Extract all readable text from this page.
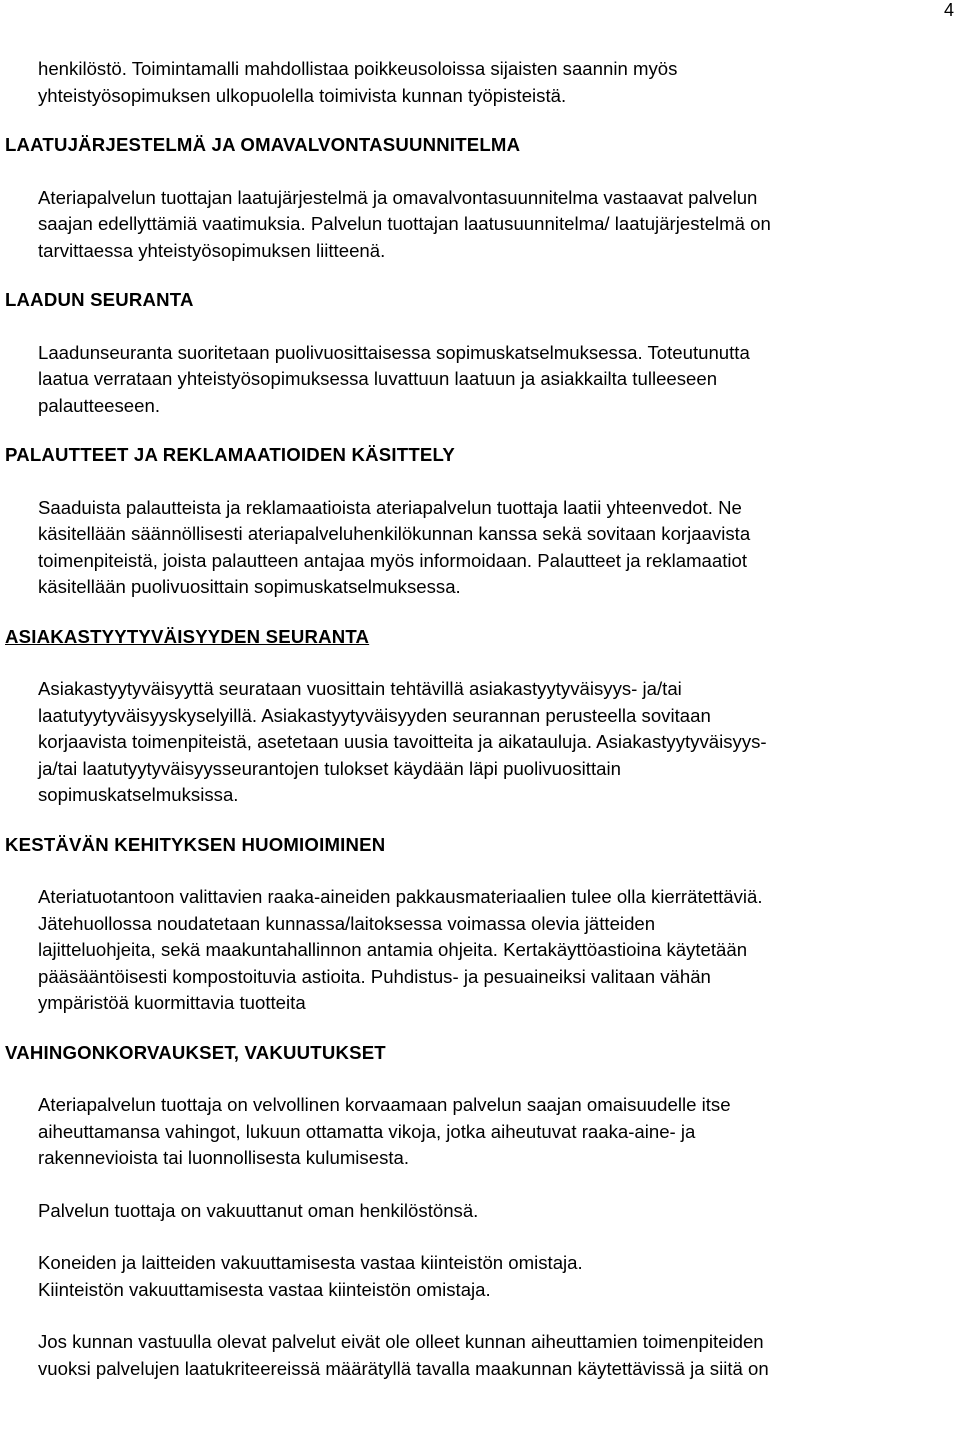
4
henkilöstö. Toimintamalli mahdollistaa poikkeusoloissa sijaisten saannin myös
yhteistyösopimuksen ulkopuolella toimivista kunnan työpisteistä.
LAATUJÄRJESTELMÄ JA OMAVALVONTASUUNNITELMA
Ateriapalvelun tuottajan laatujärjestelmä ja omavalvontasuunnitelma vastaavat palvelun
saajan edellyttämiä vaatimuksia. Palvelun tuottajan laatusuunnitelma/ laatujärjestelmä on
tarvittaessa yhteistyösopimuksen liitteenä.
LAADUN SEURANTA
Laadunseuranta suoritetaan puolivuosittaisessa sopimuskatselmuksessa. Toteutunutta
laatua verrataan yhteistyösopimuksessa luvattuun laatuun ja asiakkailta tulleeseen
palautteeseen.
PALAUTTEET JA REKLAMAATIOIDEN KÄSITTELY
Saaduista palautteista ja reklamaatioista ateriapalvelun tuottaja laatii yhteenvedot. Ne
käsitellään säännöllisesti ateriapalveluhenkilökunnan kanssa sekä sovitaan korjaavista
toimenpiteistä, joista palautteen antajaa myös informoidaan. Palautteet ja reklamaatiot
käsitellään puolivuosittain sopimuskatselmuksessa.
ASIAKASTYYTYVÄISYYDEN SEURANTA
Asiakastyytyväisyyttä seurataan vuosittain tehtävillä asiakastyytyväisyys- ja/tai
laatutyytyväisyyskyselyillä. Asiakastyytyväisyyden seurannan perusteella sovitaan
korjaavista toimenpiteistä, asetetaan uusia tavoitteita ja aikatauluja. Asiakastyytyväisyys-
ja/tai laatutyytyväisyysseurantojen tulokset käydään läpi puolivuosittain
sopimuskatselmuksissa.
KESTÄVÄN KEHITYKSEN HUOMIOIMINEN
Ateriatuotantoon valittavien raaka-aineiden pakkausmateriaalien tulee olla kierrätettäviä.
Jätehuollossa noudatetaan kunnassa/laitoksessa voimassa olevia jätteiden
lajitteluohjeita, sekä maakuntahallinnon antamia ohjeita. Kertakäyttöastioina käytetään
pääsääntöisesti kompostoituvia astioita. Puhdistus- ja pesuaineiksi valitaan vähän
ympäristöä kuormittavia tuotteita
VAHINGONKORVAUKSET, VAKUUTUKSET
Ateriapalvelun tuottaja on velvollinen korvaamaan palvelun saajan omaisuudelle itse
aiheuttamansa vahingot, lukuun ottamatta vikoja, jotka aiheutuvat raaka-aine- ja
rakennevioista tai luonnollisesta kulumisesta.
Palvelun tuottaja on vakuuttanut oman henkilöstönsä.
Koneiden ja laitteiden vakuuttamisesta vastaa kiinteistön omistaja.
Kiinteistön vakuuttamisesta vastaa kiinteistön omistaja.
Jos kunnan vastuulla olevat palvelut eivät ole olleet kunnan aiheuttamien toimenpiteiden
vuoksi palvelujen laatukriteereissä määrätyllä tavalla maakunnan käytettävissä ja siitä on
